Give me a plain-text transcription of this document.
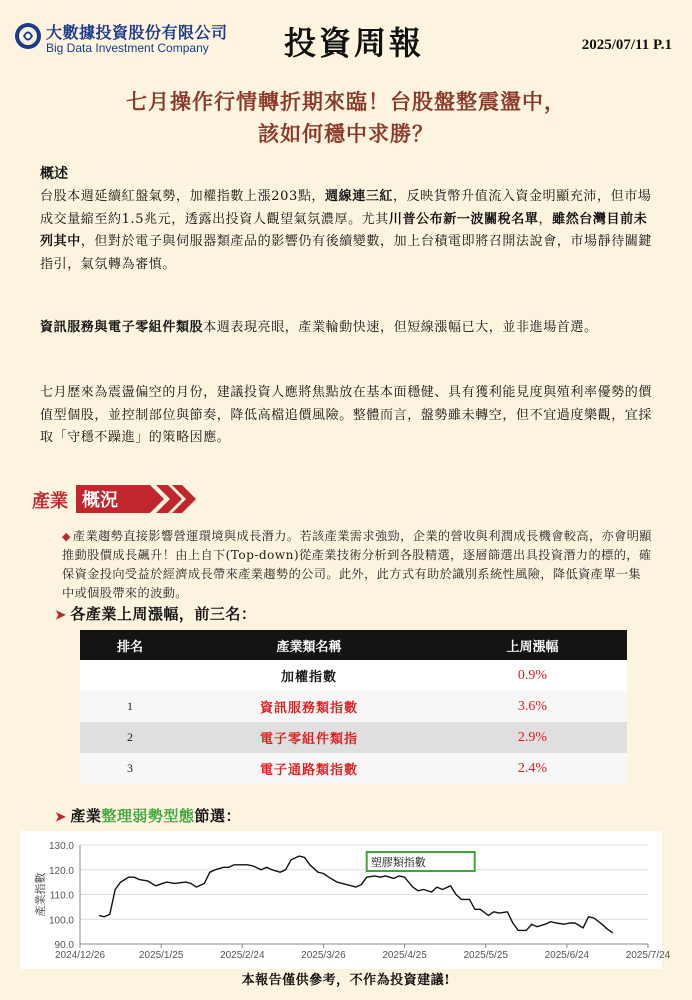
大數據投資股份有限公司
Big Data Investment Company 投資周報	2025/07/11 P.1
七月操作行情轉折期來臨！台股盤整震盪中，
該如何穩中求勝？
概述
台股本週延續紅盤氣勢，加權指數上漲203點，週線連三紅，反映貨幣升值流入資金明顯充沛，但市場成交量縮至約1.5兆元，透露出投資人觀望氣氛濃厚。尤其川普公布新一波關稅名單，雖然台灣目前未列其中，但對於電子與伺服器類產品的影響仍有後續變數，加上台積電即將召開法說會，市場靜待關鍵指引，氣氛轉為審慎。
資訊服務與電子零組件類股本週表現亮眼，產業輪動快速，但短線漲幅已大，並非進場首選。
七月歷來為震盪偏空的月份，建議投資人應將焦點放在基本面穩健、具有獲利能見度與殖利率優勢的價值型個股，並控制部位與節奏，降低高檔追價風險。整體而言，盤勢雖未轉空，但不宜過度樂觀，宜採取「守穩不躁進」的策略因應。
產業 概況
◆ 產業趨勢直接影響營運環境與成長潛力。若該產業需求強勁，企業的營收與利潤成長機會較高，亦會明顯推動股價成長飆升！由上自下(Top-down)從產業技術分析到各股精選，逐層篩選出具投資潛力的標的，確保資金投向受益於經濟成長帶來產業趨勢的公司。此外，此方式有助於識別系統性風險，降低資產單一集中或個股帶來的波動。
➤ 各產業上周漲幅，前三名：
排名	產業類名稱	上周漲幅
	加權指數	0.9%
1	資訊服務類指數	3.6%
2	電子零組件類指	2.9%
3	電子通路類指數	2.4%
➤ 產業整理弱勢型態節選：
90.0
100.0
110.0
120.0
130.0
2024/12/26	2025/1/25	2025/2/24	2025/3/26	2025/4/25	2025/5/25	2025/6/24	2025/7/24
產業指數
塑膠類指數
本報告僅供參考，不作為投資建議!
